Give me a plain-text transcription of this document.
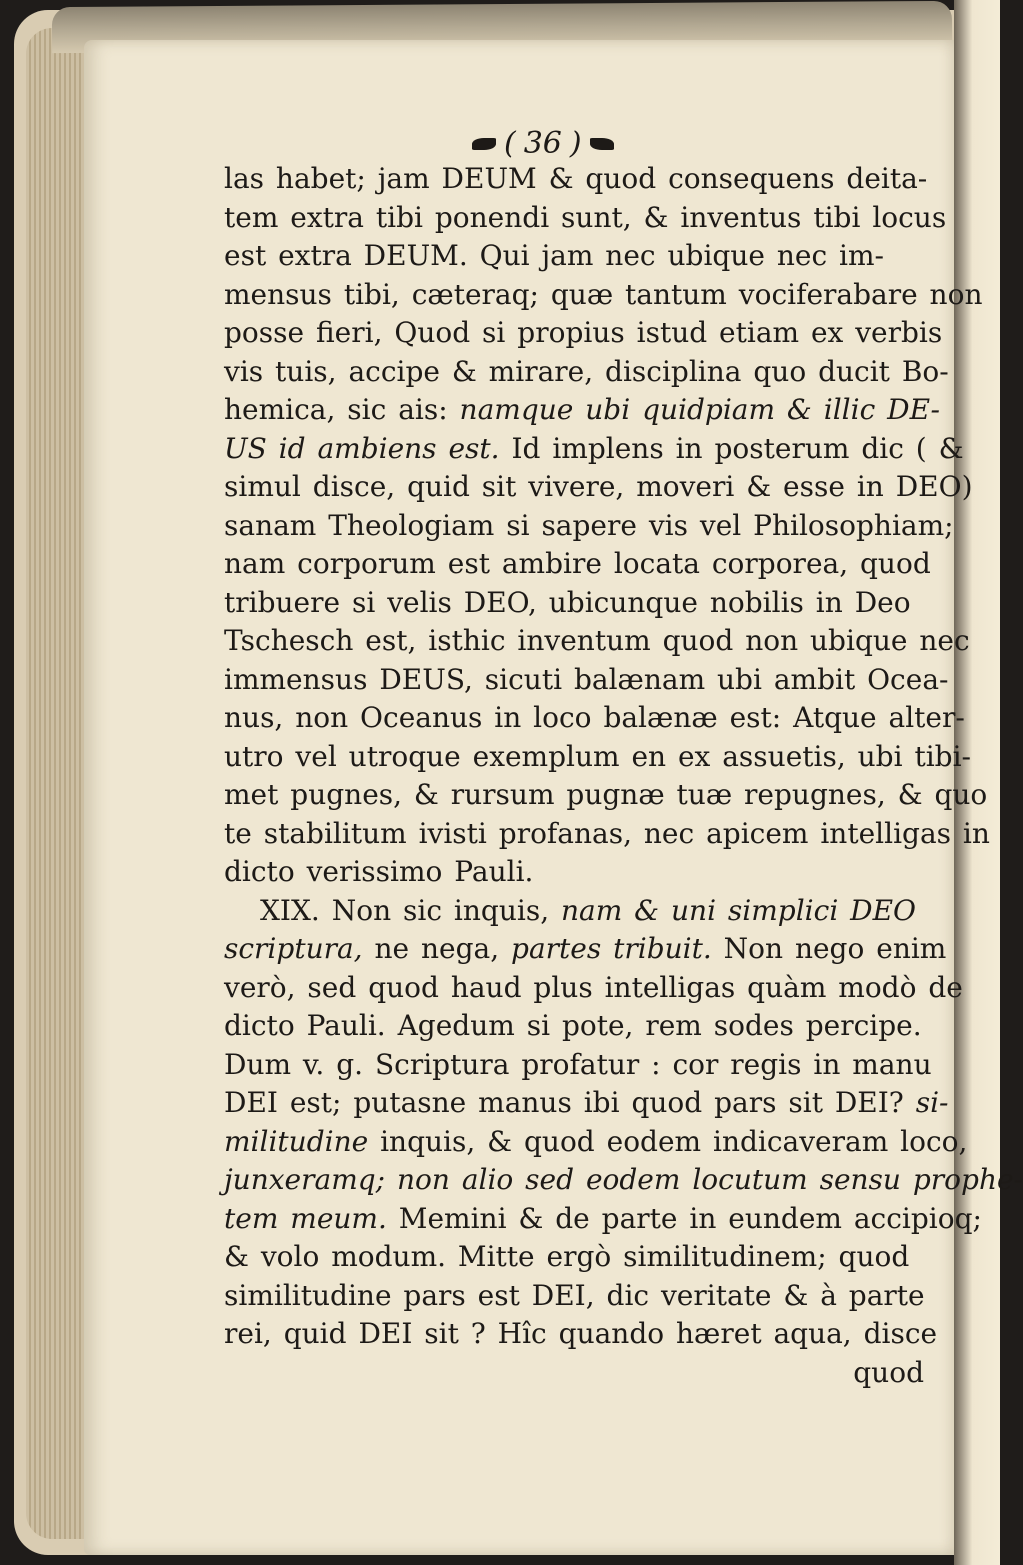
( 36 )
las habet; jam DEUM & quod consequens deita-
tem extra tibi ponendi sunt, & inventus tibi locus
est extra DEUM. Qui jam nec ubique nec im-
mensus tibi, cæteraq; quæ tantum vociferabare non
posse fieri, Quod si propius istud etiam ex verbis
vis tuis, accipe & mirare, disciplina quo ducit Bo-
hemica, sic ais: namque ubi quidpiam & illic DE-
US id ambiens est. Id implens in posterum dic ( &
simul disce, quid sit vivere, moveri & esse in DEO)
sanam Theologiam si sapere vis vel Philosophiam;
nam corporum est ambire locata corporea, quod
tribuere si velis DEO, ubicunque nobilis in Deo
Tschesch est, isthic inventum quod non ubique nec
immensus DEUS, sicuti balænam ubi ambit Ocea-
nus, non Oceanus in loco balænæ est: Atque alter-
utro vel utroque exemplum en ex assuetis, ubi tibi-
met pugnes, & rursum pugnæ tuæ repugnes, & quo
te stabilitum ivisti profanas, nec apicem intelligas in
dicto verissimo Pauli.
XIX. Non sic inquis, nam & uni simplici DEO
scriptura, ne nega, partes tribuit. Non nego enim
verò, sed quod haud plus intelligas quàm modò de
dicto Pauli. Agedum si pote, rem sodes percipe.
Dum v. g. Scriptura profatur : cor regis in manu
DEI est; putasne manus ibi quod pars sit DEI? si-
militudine inquis, & quod eodem indicaveram loco,
junxeramq; non alio sed eodem locutum sensu prophe-
tem meum. Memini & de parte in eundem accipioq;
& volo modum. Mitte ergò similitudinem; quod
similitudine pars est DEI, dic veritate & à parte
rei, quid DEI sit ? Hîc quando hæret aqua, disce
quod
